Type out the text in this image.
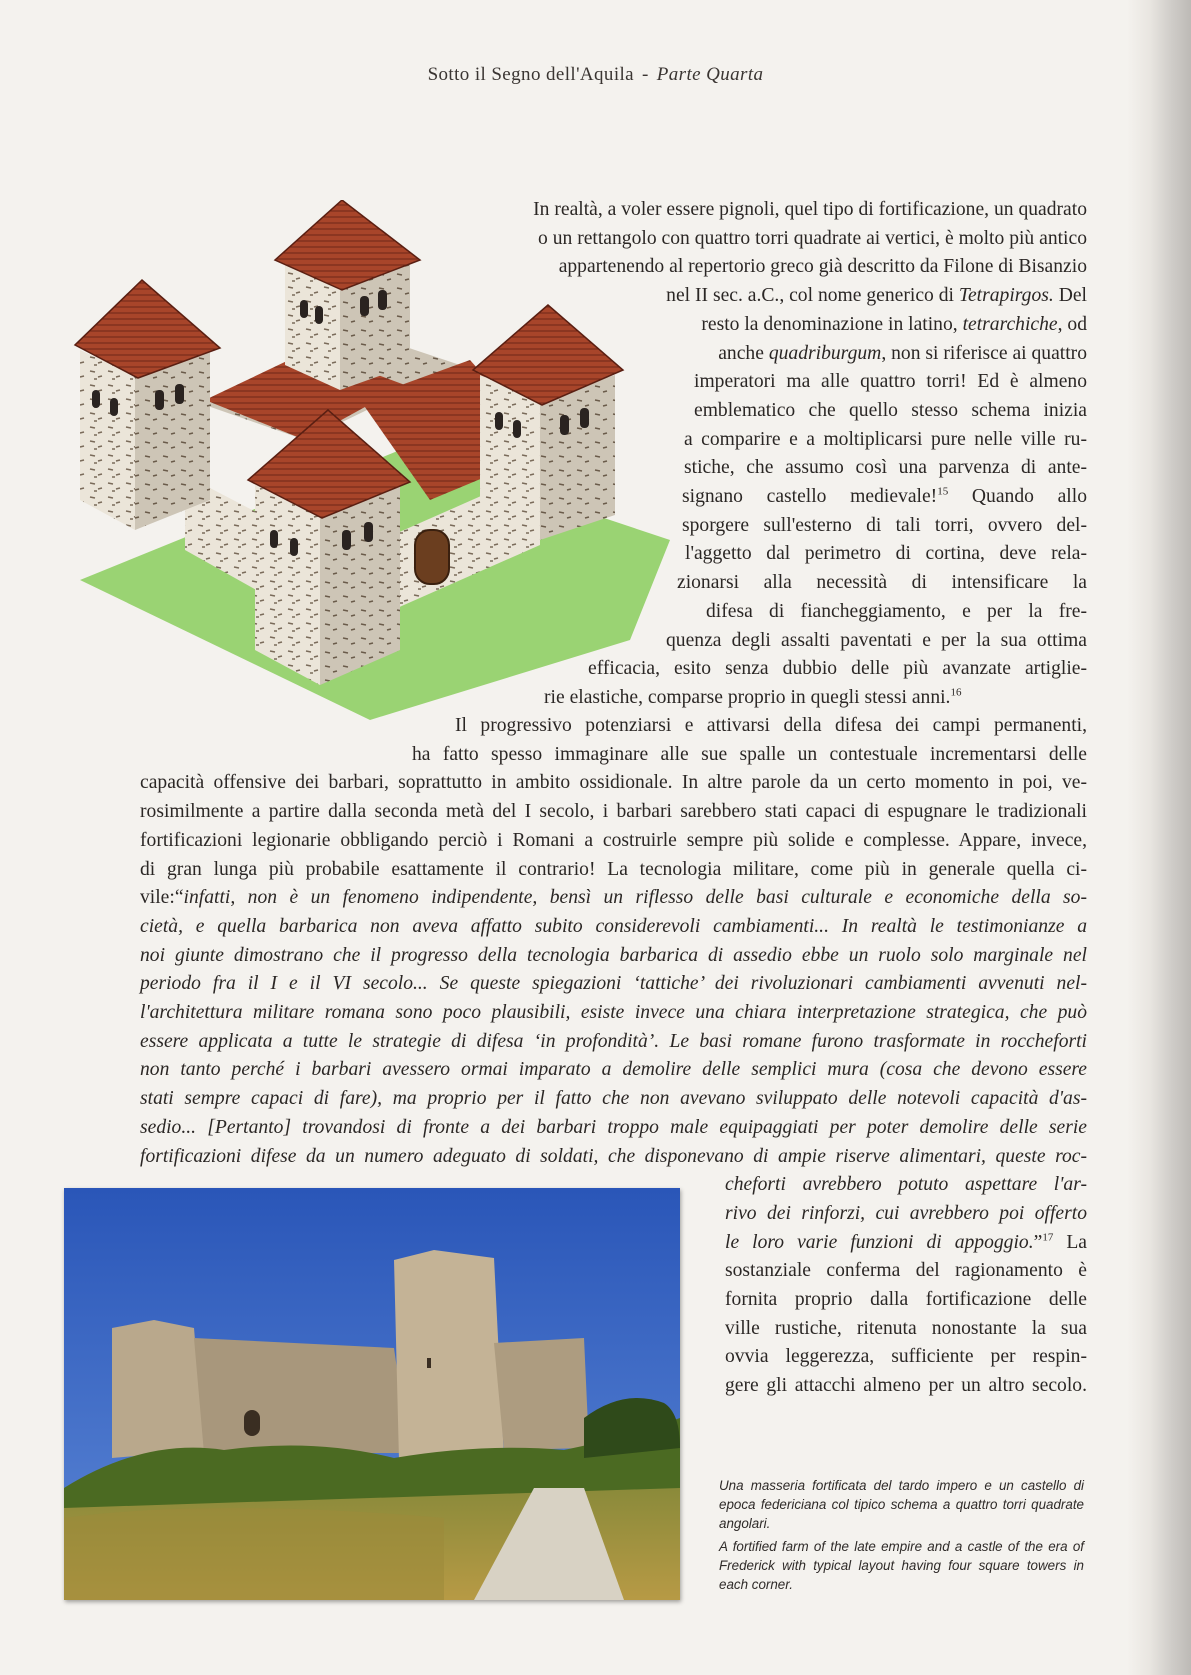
Sotto il Segno dell'Aquila - Parte Quarta
In realtà, a voler essere pignoli, quel tipo di fortificazione, un quadrato
o un rettangolo con quattro torri quadrate ai vertici, è molto più antico
appartenendo al repertorio greco già descritto da Filone di Bisanzio
nel II sec. a.C., col nome generico di Tetrapirgos. Del
resto la denominazione in latino, tetrarchiche, od
anche quadriburgum, non si riferisce ai quattro
imperatori ma alle quattro torri! Ed è almeno
emblematico che quello stesso schema inizia
a comparire e a moltiplicarsi pure nelle ville ru-
stiche, che assumo così una parvenza di ante-
signano castello medievale!$^{15}$ Quando allo
sporgere sull'esterno di tali torri, ovvero del-
l'aggetto dal perimetro di cortina, deve rela-
zionarsi alla necessità di intensificare la
difesa di fiancheggiamento, e per la fre-
quenza degli assalti paventati e per la sua ottima
efficacia, esito senza dubbio delle più avanzate artiglie-
rie elastiche, comparse proprio in quegli stessi anni.$^{16}$
Il progressivo potenziarsi e attivarsi della difesa dei campi permanenti,
ha fatto spesso immaginare alle sue spalle un contestuale incrementarsi delle
capacità offensive dei barbari, soprattutto in ambito ossidionale. In altre parole da un certo momento in poi, ve-
rosimilmente a partire dalla seconda metà del I secolo, i barbari sarebbero stati capaci di espugnare le tradizionali
fortificazioni legionarie obbligando perciò i Romani a costruirle sempre più solide e complesse. Appare, invece,
di gran lunga più probabile esattamente il contrario! La tecnologia militare, come più in generale quella ci-
vile:“infatti, non è un fenomeno indipendente, bensì un riflesso delle basi culturale e economiche della so-
cietà, e quella barbarica non aveva affatto subito considerevoli cambiamenti... In realtà le testimonianze a
noi giunte dimostrano che il progresso della tecnologia barbarica di assedio ebbe un ruolo solo marginale nel
periodo fra il I e il VI secolo... Se queste spiegazioni ‘tattiche’ dei rivoluzionari cambiamenti avvenuti nel-
l'architettura militare romana sono poco plausibili, esiste invece una chiara interpretazione strategica, che può
essere applicata a tutte le strategie di difesa ‘in profondità’. Le basi romane furono trasformate in roccheforti
non tanto perché i barbari avessero ormai imparato a demolire delle semplici mura (cosa che devono essere
stati sempre capaci di fare), ma proprio per il fatto che non avevano sviluppato delle notevoli capacità d'as-
sedio... [Pertanto] trovandosi di fronte a dei barbari troppo male equipaggiati per poter demolire delle serie
fortificazioni difese da un numero adeguato di soldati, che disponevano di ampie riserve alimentari, queste roc-
cheforti avrebbero potuto aspettare l'ar-
rivo dei rinforzi, cui avrebbero poi offerto
le loro varie funzioni di appoggio.”$^{17}$ La
sostanziale conferma del ragionamento è
fornita proprio dalla fortificazione delle
ville rustiche, ritenuta nonostante la sua
ovvia leggerezza, sufficiente per respin-
gere gli attacchi almeno per un altro secolo.

Una masseria fortificata del tardo impero e un castello di epoca federiciana col tipico schema a quattro torri quadrate angolari.

A fortified farm of the late empire and a castle of the era of Frederick with typical layout having four square towers in each corner.
